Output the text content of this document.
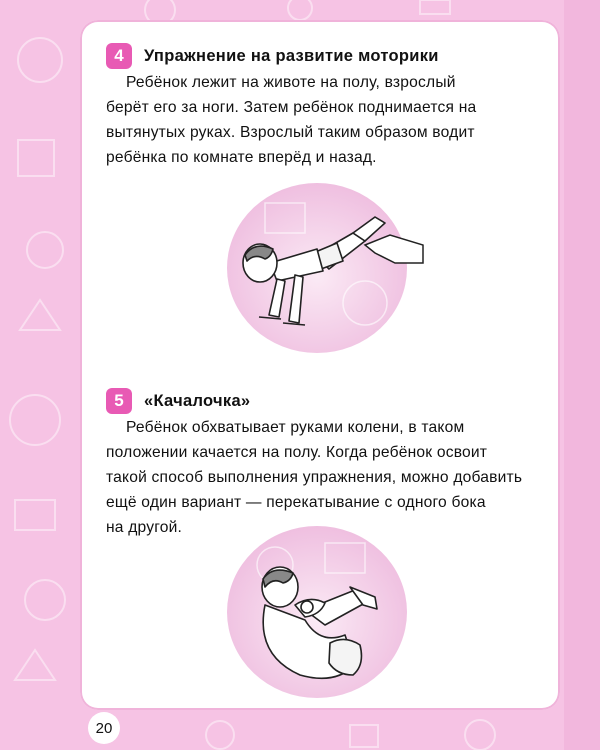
4	Упражнение на развитие моторики
Ребёнок лежит на животе на полу, взрослый
берёт его за ноги. Затем ребёнок поднимается на
вытянутых руках. Взрослый таким образом водит
ребёнка по комнате вперёд и назад.
5	«Качалочка»
Ребёнок обхватывает руками колени, в таком
положении качается на полу. Когда ребёнок освоит
такой способ выполнения упражнения, можно добавить
ещё один вариант — перекатывание с одного бока
на другой.
20
